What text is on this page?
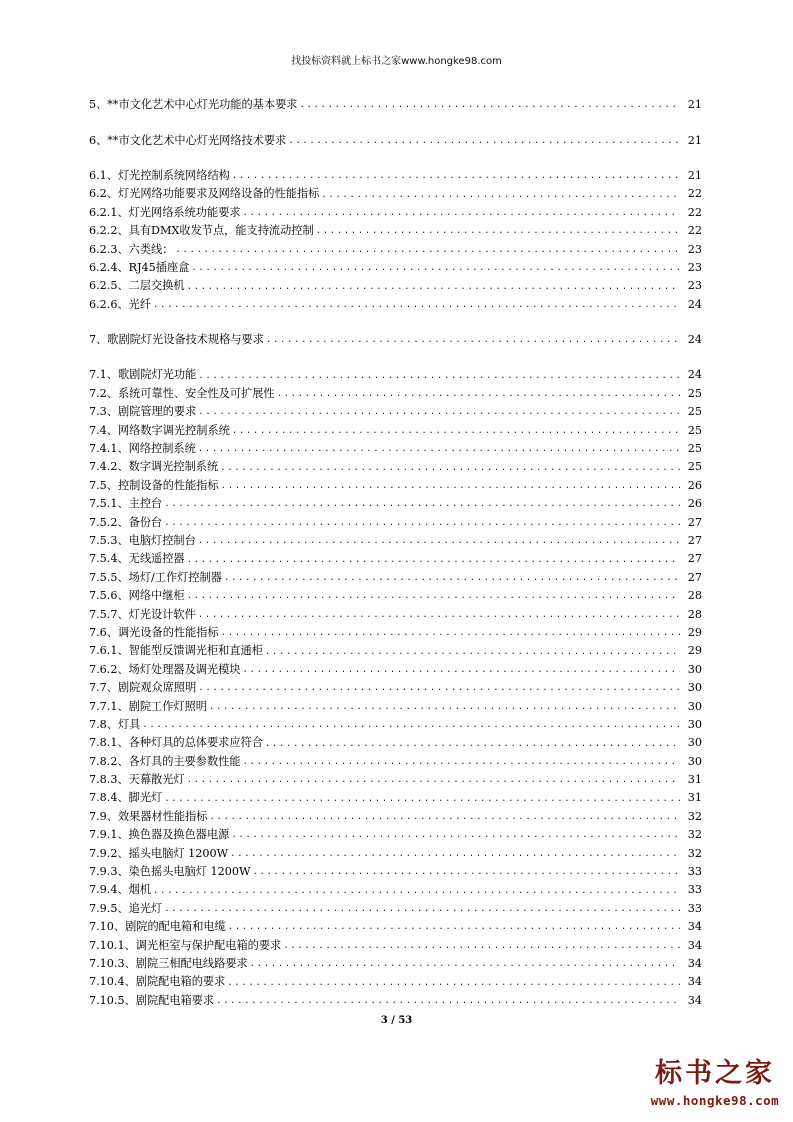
找投标资料就上标书之家www.hongke98.com
5、**市文化艺术中心灯光功能的基本要求 .....	21
6、**市文化艺术中心灯光网络技术要求 .....	21
6.1、灯光控制系统网络结构 .....	21
6.2、灯光网络功能要求及网络设备的性能指标 .....	22
6.2.1、灯光网络系统功能要求 .....	22
6.2.2、具有DMX收发节点，能支持流动控制 .....	22
6.2.3、六类线： .....	23
6.2.4、RJ45插座盒 .....	23
6.2.5、二层交换机 .....	23
6.2.6、光纤 .....	24
7、歌剧院灯光设备技术规格与要求 .....	24
7.1、歌剧院灯光功能 .....	24
7.2、系统可靠性、安全性及可扩展性 .....	25
7.3、剧院管理的要求 .....	25
7.4、网络数字调光控制系统 .....	25
7.4.1、网络控制系统 .....	25
7.4.2、数字调光控制系统 .....	25
7.5、控制设备的性能指标 .....	26
7.5.1、主控台 .....	26
7.5.2、备份台 .....	27
7.5.3、电脑灯控制台 .....	27
7.5.4、无线遥控器 .....	27
7.5.5、场灯/工作灯控制器 .....	27
7.5.6、网络中继柜 .....	28
7.5.7、灯光设计软件 .....	28
7.6、调光设备的性能指标 .....	29
7.6.1、智能型反馈调光柜和直通柜 .....	29
7.6.2、场灯处理器及调光模块 .....	30
7.7、剧院观众席照明 .....	30
7.7.1、剧院工作灯照明 .....	30
7.8、灯具 .....	30
7.8.1、各种灯具的总体要求应符合 .....	30
7.8.2、各灯具的主要参数性能 .....	30
7.8.3、天幕散光灯 .....	31
7.8.4、脚光灯 .....	31
7.9、效果器材性能指标 .....	32
7.9.1、换色器及换色器电源 .....	32
7.9.2、摇头电脑灯 1200W .....	32
7.9.3、染色摇头电脑灯 1200W .....	33
7.9.4、烟机 .....	33
7.9.5、追光灯 .....	33
7.10、剧院的配电箱和电缆 .....	34
7.10.1、调光柜室与保护配电箱的要求 .....	34
7.10.3、剧院三相配电线路要求 .....	34
7.10.4、剧院配电箱的要求 .....	34
7.10.5、剧院配电箱要求 .....	34
3 / 53
标书之家
www.hongke98.com
